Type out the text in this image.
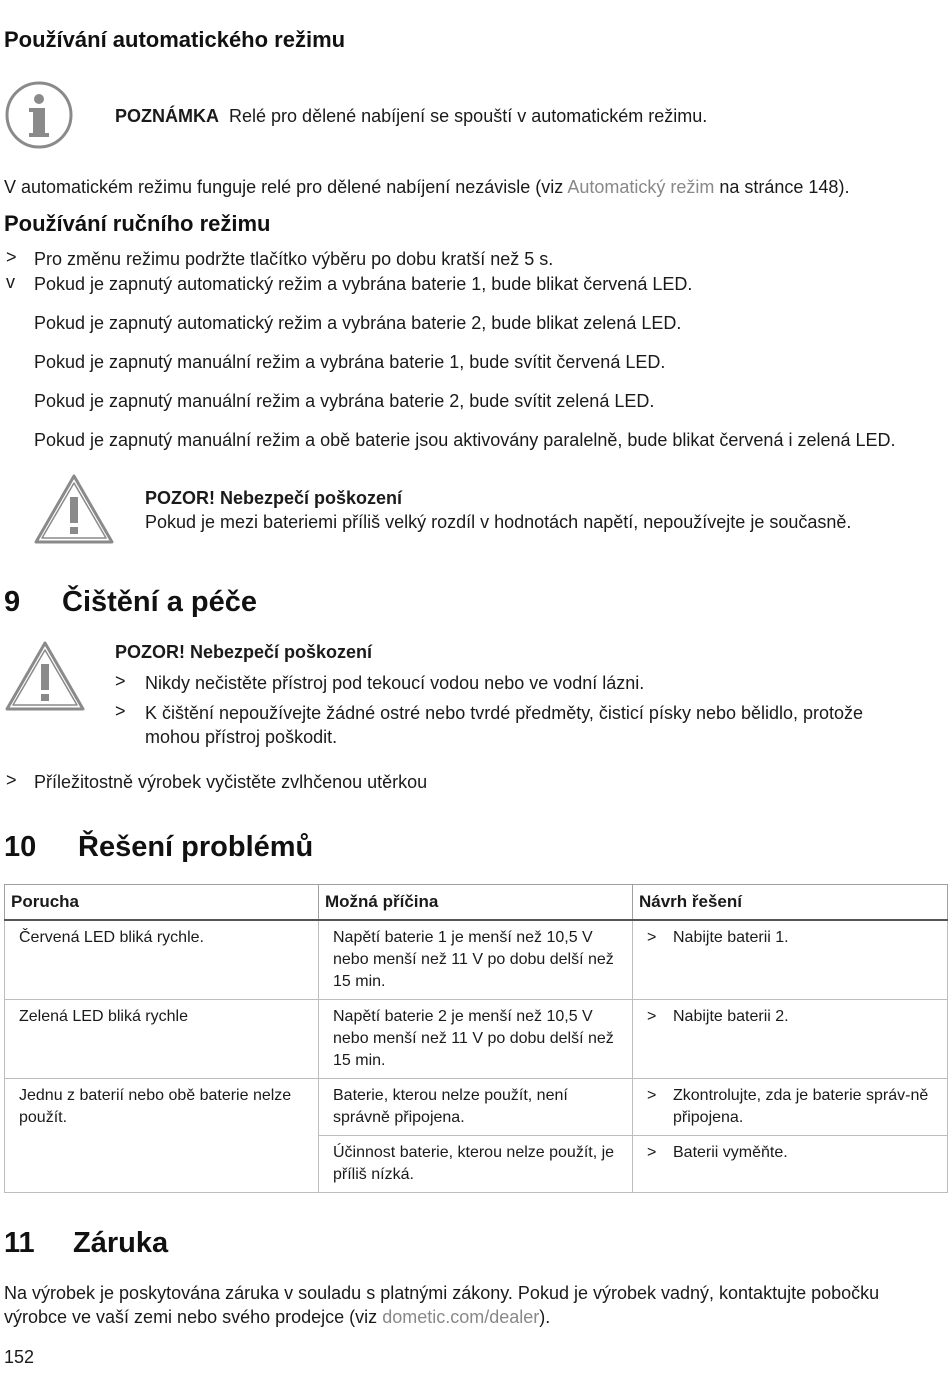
Používání automatického režimu
POZNÁMKA Relé pro dělené nabíjení se spouští v automatickém režimu.
V automatickém režimu funguje relé pro dělené nabíjení nezávisle (viz Automatický režim na stránce 148).
Používání ručního režimu
> Pro změnu režimu podržte tlačítko výběru po dobu kratší než 5 s.
v Pokud je zapnutý automatický režim a vybrána baterie 1, bude blikat červená LED.
Pokud je zapnutý automatický režim a vybrána baterie 2, bude blikat zelená LED.
Pokud je zapnutý manuální režim a vybrána baterie 1, bude svítit červená LED.
Pokud je zapnutý manuální režim a vybrána baterie 2, bude svítit zelená LED.
Pokud je zapnutý manuální režim a obě baterie jsou aktivovány paralelně, bude blikat červená i zelená LED.
POZOR! Nebezpečí poškození
Pokud je mezi bateriemi příliš velký rozdíl v hodnotách napětí, nepoužívejte je současně.
9 Čištění a péče
POZOR! Nebezpečí poškození
> Nikdy nečistěte přístroj pod tekoucí vodou nebo ve vodní lázni.
> K čištění nepoužívejte žádné ostré nebo tvrdé předměty, čisticí písky nebo bělidlo, protože
mohou přístroj poškodit.
> Příležitostně výrobek vyčistěte zvlhčenou utěrkou
10 Řešení problémů
Porucha	Možná příčina	Návrh řešení
Červená LED bliká rychle.	Napětí baterie 1 je menší než 10,5 V nebo menší než 11 V po dobu delší než 15 min.	> Nabijte baterii 1.

Zelená LED bliká rychle	Napětí baterie 2 je menší než 10,5 V nebo menší než 11 V po dobu delší než 15 min.	> Nabijte baterii 2.

Jednu z baterií nebo obě baterie nelze použít.	Baterie, kterou nelze použít, není správně připojena.	> Zkontrolujte, zda je baterie správ-ně připojena.

	Účinnost baterie, kterou nelze použít, je příliš nízká.	> Baterii vyměňte.
11 Záruka
Na výrobek je poskytována záruka v souladu s platnými zákony. Pokud je výrobek vadný, kontaktujte pobočku výrobce ve vaší zemi nebo svého prodejce (viz dometic.com/dealer).
152
